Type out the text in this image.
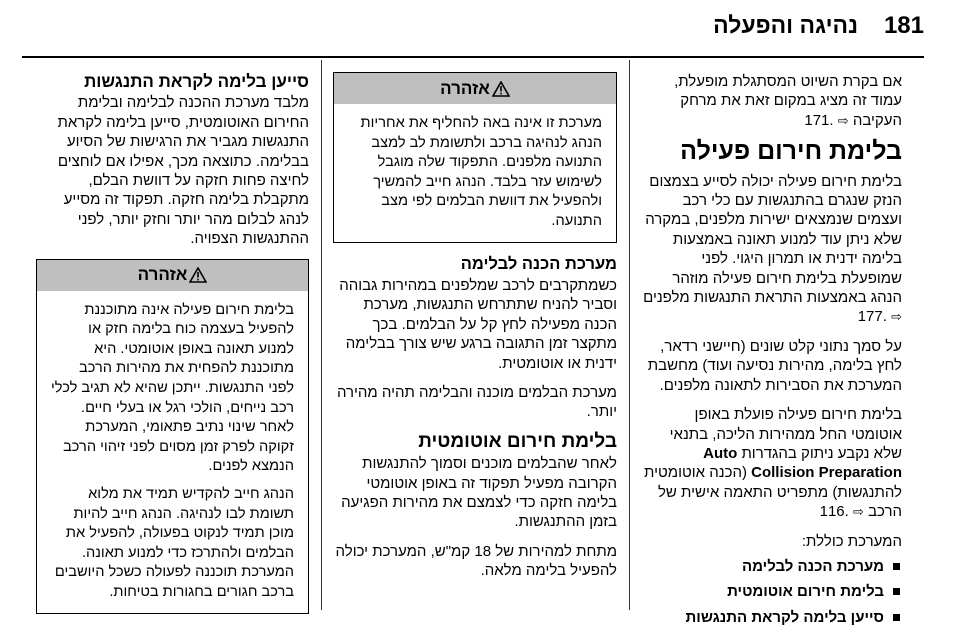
181
נהיגה והפעלה

אם בקרת השיוט המסתגלת מופעלת, עמוד זה מציג במקום זאת את מרחק העקיבה ⇨ .171

בלימת חירום פעילה

בלימת חירום פעילה יכולה לסייע בצמצום הנזק שנגרם בהתנגשות עם כלי רכב ועצמים שנמצאים ישירות מלפנים, במקרה שלא ניתן עוד למנוע תאונה באמצעות בלימה ידנית או תמרון היגוי. לפני שמופעלת בלימת חירום פעילה מוזהר הנהג באמצעות התראת התנגשות מלפנים ⇨ .177

על סמך נתוני קלט שונים (חיישני רדאר, לחץ בלימה, מהירות נסיעה ועוד) מחשבת המערכת את הסבירות לתאונה מלפנים.

בלימת חירום פעילה פועלת באופן אוטומטי החל ממהירות הליכה, בתנאי שלא נקבע ניתוק בהגדרות Auto Collision Preparation (הכנה אוטומטית להתנגשות) מתפריט התאמה אישית של הרכב ⇨ .116

המערכת כוללת:

מערכת הכנה לבלימה
בלימת חירום אוטומטית
סייען בלימה לקראת התנגשות
אזהרה
מערכת זו אינה באה להחליף את אחריות הנהג לנהיגה ברכב ולתשומת לב למצב התנועה מלפנים. התפקוד שלה מוגבל לשימוש עזר בלבד. הנהג חייב להמשיך ולהפעיל את דוושת הבלמים לפי מצב התנועה.
מערכת הכנה לבלימה

כשמתקרבים לרכב שמלפנים במהירות גבוהה וסביר להניח שתתרחש התנגשות, מערכת הכנה מפעילה לחץ קל על הבלמים. בכך מתקצר זמן התגובה ברגע שיש צורך בבלימה ידנית או אוטומטית.

מערכת הבלמים מוכנה והבלימה תהיה מהירה יותר.

בלימת חירום אוטומטית

לאחר שהבלמים מוכנים וסמוך להתנגשות הקרובה מפעיל תפקוד זה באופן אוטומטי בלימה חזקה כדי לצמצם את מהירות הפגיעה בזמן ההתנגשות.

מתחת למהירות של 18 קמ"ש, המערכת יכולה להפעיל בלימה מלאה.

סייען בלימה לקראת התנגשות

מלבד מערכת ההכנה לבלימה ובלימת החירום האוטומטית, סייען בלימה לקראת התנגשות מגביר את הרגישות של הסיוע בבלימה. כתוצאה מכך, אפילו אם לוחצים לחיצה פחות חזקה על דוושת הבלם, מתקבלת בלימה חזקה. תפקוד זה מסייע לנהג לבלום מהר יותר וחזק יותר, לפני ההתנגשות הצפויה.

אזהרה

בלימת חירום פעילה אינה מתוכננת להפעיל בעצמה כוח בלימה חזק או למנוע תאונה באופן אוטומטי. היא מתוכננת להפחית את מהירות הרכב לפני התנגשות. ייתכן שהיא לא תגיב לכלי רכב נייחים, הולכי רגל או בעלי חיים. לאחר שינוי נתיב פתאומי, המערכת זקוקה לפרק זמן מסוים לפני זיהוי הרכב הנמצא לפנים.

הנהג חייב להקדיש תמיד את מלוא תשומת לבו לנהיגה. הנהג חייב להיות מוכן תמיד לנקוט בפעולה, להפעיל את הבלמים ולהתרכז כדי למנוע תאונה. המערכת תוכננה לפעולה כשכל היושבים ברכב חגורים בחגורות בטיחות.
